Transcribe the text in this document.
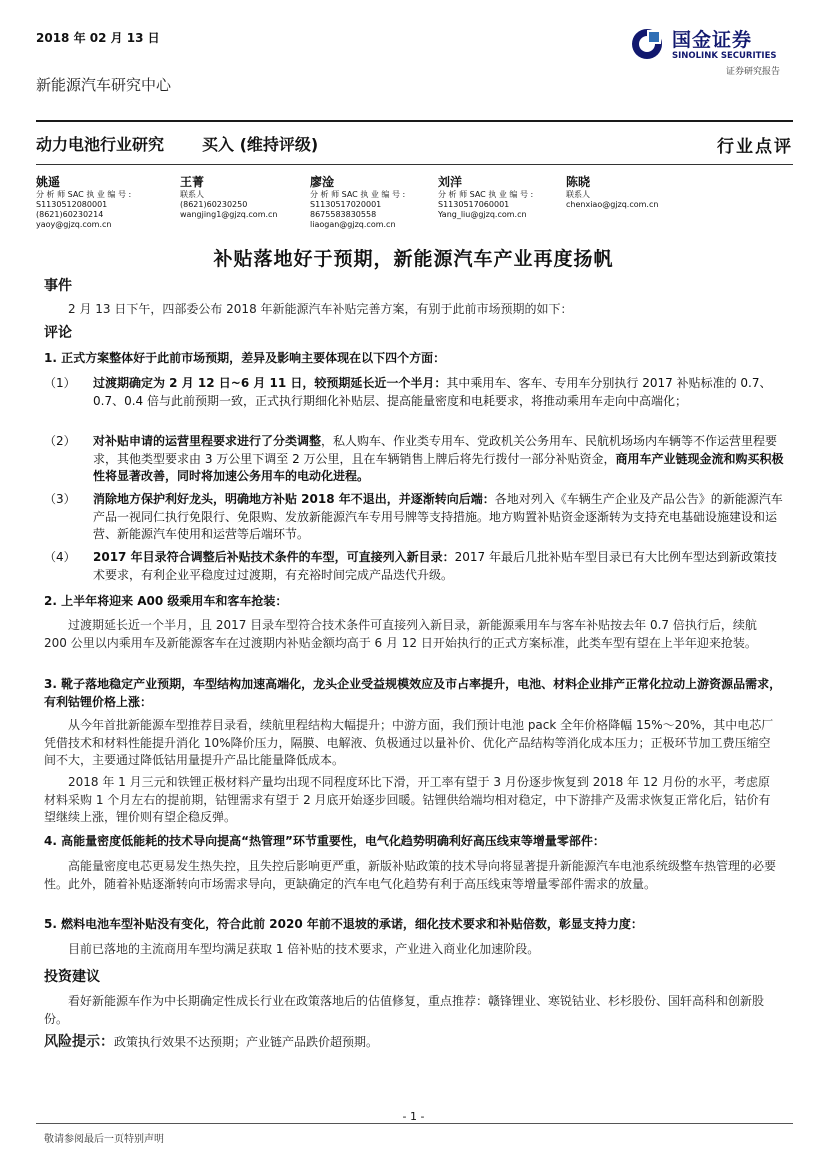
2018 年 02 月 13 日
新能源汽车研究中心
国金证券
SINOLINK SECURITIES
证券研究报告
动力电池行业研究 买入 (维持评级)	行业点评
姚遥
分 析 师 SAC 执 业 编 号 :
S1130512080001
(8621)60230214
yaoy@gjzq.com.cn
王菁
联系人
(8621)60230250
wangjing1@gjzq.com.cn
廖淦
分 析 师 SAC 执 业 编 号 :
S1130517020001
8675583830558
liaogan@gjzq.com.cn
刘洋
分 析 师 SAC 执 业 编 号 :
S1130517060001
Yang_liu@gjzq.com.cn
陈晓
联系人
chenxiao@gjzq.com.cn
补贴落地好于预期，新能源汽车产业再度扬帆
事件
2 月 13 日下午，四部委公布 2018 年新能源汽车补贴完善方案，有别于此前市场预期的如下：
评论
1. 正式方案整体好于此前市场预期，差异及影响主要体现在以下四个方面：
（1） 过渡期确定为 2 月 12 日~6 月 11 日，较预期延长近一个半月：其中乘用车、客车、专用车分别执行 2017 补贴标准的 0.7、0.7、0.4 倍与此前预期一致，正式执行期细化补贴层、提高能量密度和电耗要求，将推动乘用车走向中高端化；
（2） 对补贴申请的运营里程要求进行了分类调整，私人购车、作业类专用车、党政机关公务用车、民航机场场内车辆等不作运营里程要求，其他类型要求由 3 万公里下调至 2 万公里，且在车辆销售上牌后将先行拨付一部分补贴资金，商用车产业链现金流和购买积极性将显著改善，同时将加速公务用车的电动化进程。
（3） 消除地方保护利好龙头，明确地方补贴 2018 年不退出，并逐渐转向后端：各地对列入《车辆生产企业及产品公告》的新能源汽车产品一视同仁执行免限行、免限购、发放新能源汽车专用号牌等支持措施。地方购置补贴资金逐渐转为支持充电基础设施建设和运营、新能源汽车使用和运营等后端环节。
（4） 2017 年目录符合调整后补贴技术条件的车型，可直接列入新目录：2017 年最后几批补贴车型目录已有大比例车型达到新政策技术要求，有利企业平稳度过过渡期，有充裕时间完成产品迭代升级。
2. 上半年将迎来 A00 级乘用车和客车抢装：
过渡期延长近一个半月，且 2017 目录车型符合技术条件可直接列入新目录，新能源乘用车与客车补贴按去年 0.7 倍执行后，续航 200 公里以内乘用车及新能源客车在过渡期内补贴金额均高于 6 月 12 日开始执行的正式方案标准，此类车型有望在上半年迎来抢装。
3. 靴子落地稳定产业预期，车型结构加速高端化，龙头企业受益规模效应及市占率提升，电池、材料企业排产正常化拉动上游资源品需求，有利钴锂价格上涨：
从今年首批新能源车型推荐目录看，续航里程结构大幅提升；中游方面，我们预计电池 pack 全年价格降幅 15%～20%，其中电芯厂凭借技术和材料性能提升消化 10%降价压力，隔膜、电解液、负极通过以量补价、优化产品结构等消化成本压力；正极环节加工费压缩空间不大，主要通过降低钴用量提升产品比能量降低成本。
2018 年 1 月三元和铁锂正极材料产量均出现不同程度环比下滑，开工率有望于 3 月份逐步恢复到 2018 年 12 月份的水平，考虑原材料采购 1 个月左右的提前期，钴锂需求有望于 2 月底开始逐步回暖。钴锂供给端均相对稳定，中下游排产及需求恢复正常化后，钴价有望继续上涨，锂价则有望企稳反弹。
4. 高能量密度低能耗的技术导向提高“热管理”环节重要性，电气化趋势明确利好高压线束等增量零部件：
高能量密度电芯更易发生热失控，且失控后影响更严重，新版补贴政策的技术导向将显著提升新能源汽车电池系统级整车热管理的必要性。此外，随着补贴逐渐转向市场需求导向，更缺确定的汽车电气化趋势有利于高压线束等增量零部件需求的放量。
5. 燃料电池车型补贴没有变化，符合此前 2020 年前不退坡的承诺，细化技术要求和补贴倍数，彰显支持力度：
目前已落地的主流商用车型均满足获取 1 倍补贴的技术要求，产业进入商业化加速阶段。
投资建议
看好新能源车作为中长期确定性成长行业在政策落地后的估值修复，重点推荐：赣锋锂业、寒锐钴业、杉杉股份、国轩高科和创新股份。
风险提示：政策执行效果不达预期；产业链产品跌价超预期。
- 1 -
敬请参阅最后一页特别声明
